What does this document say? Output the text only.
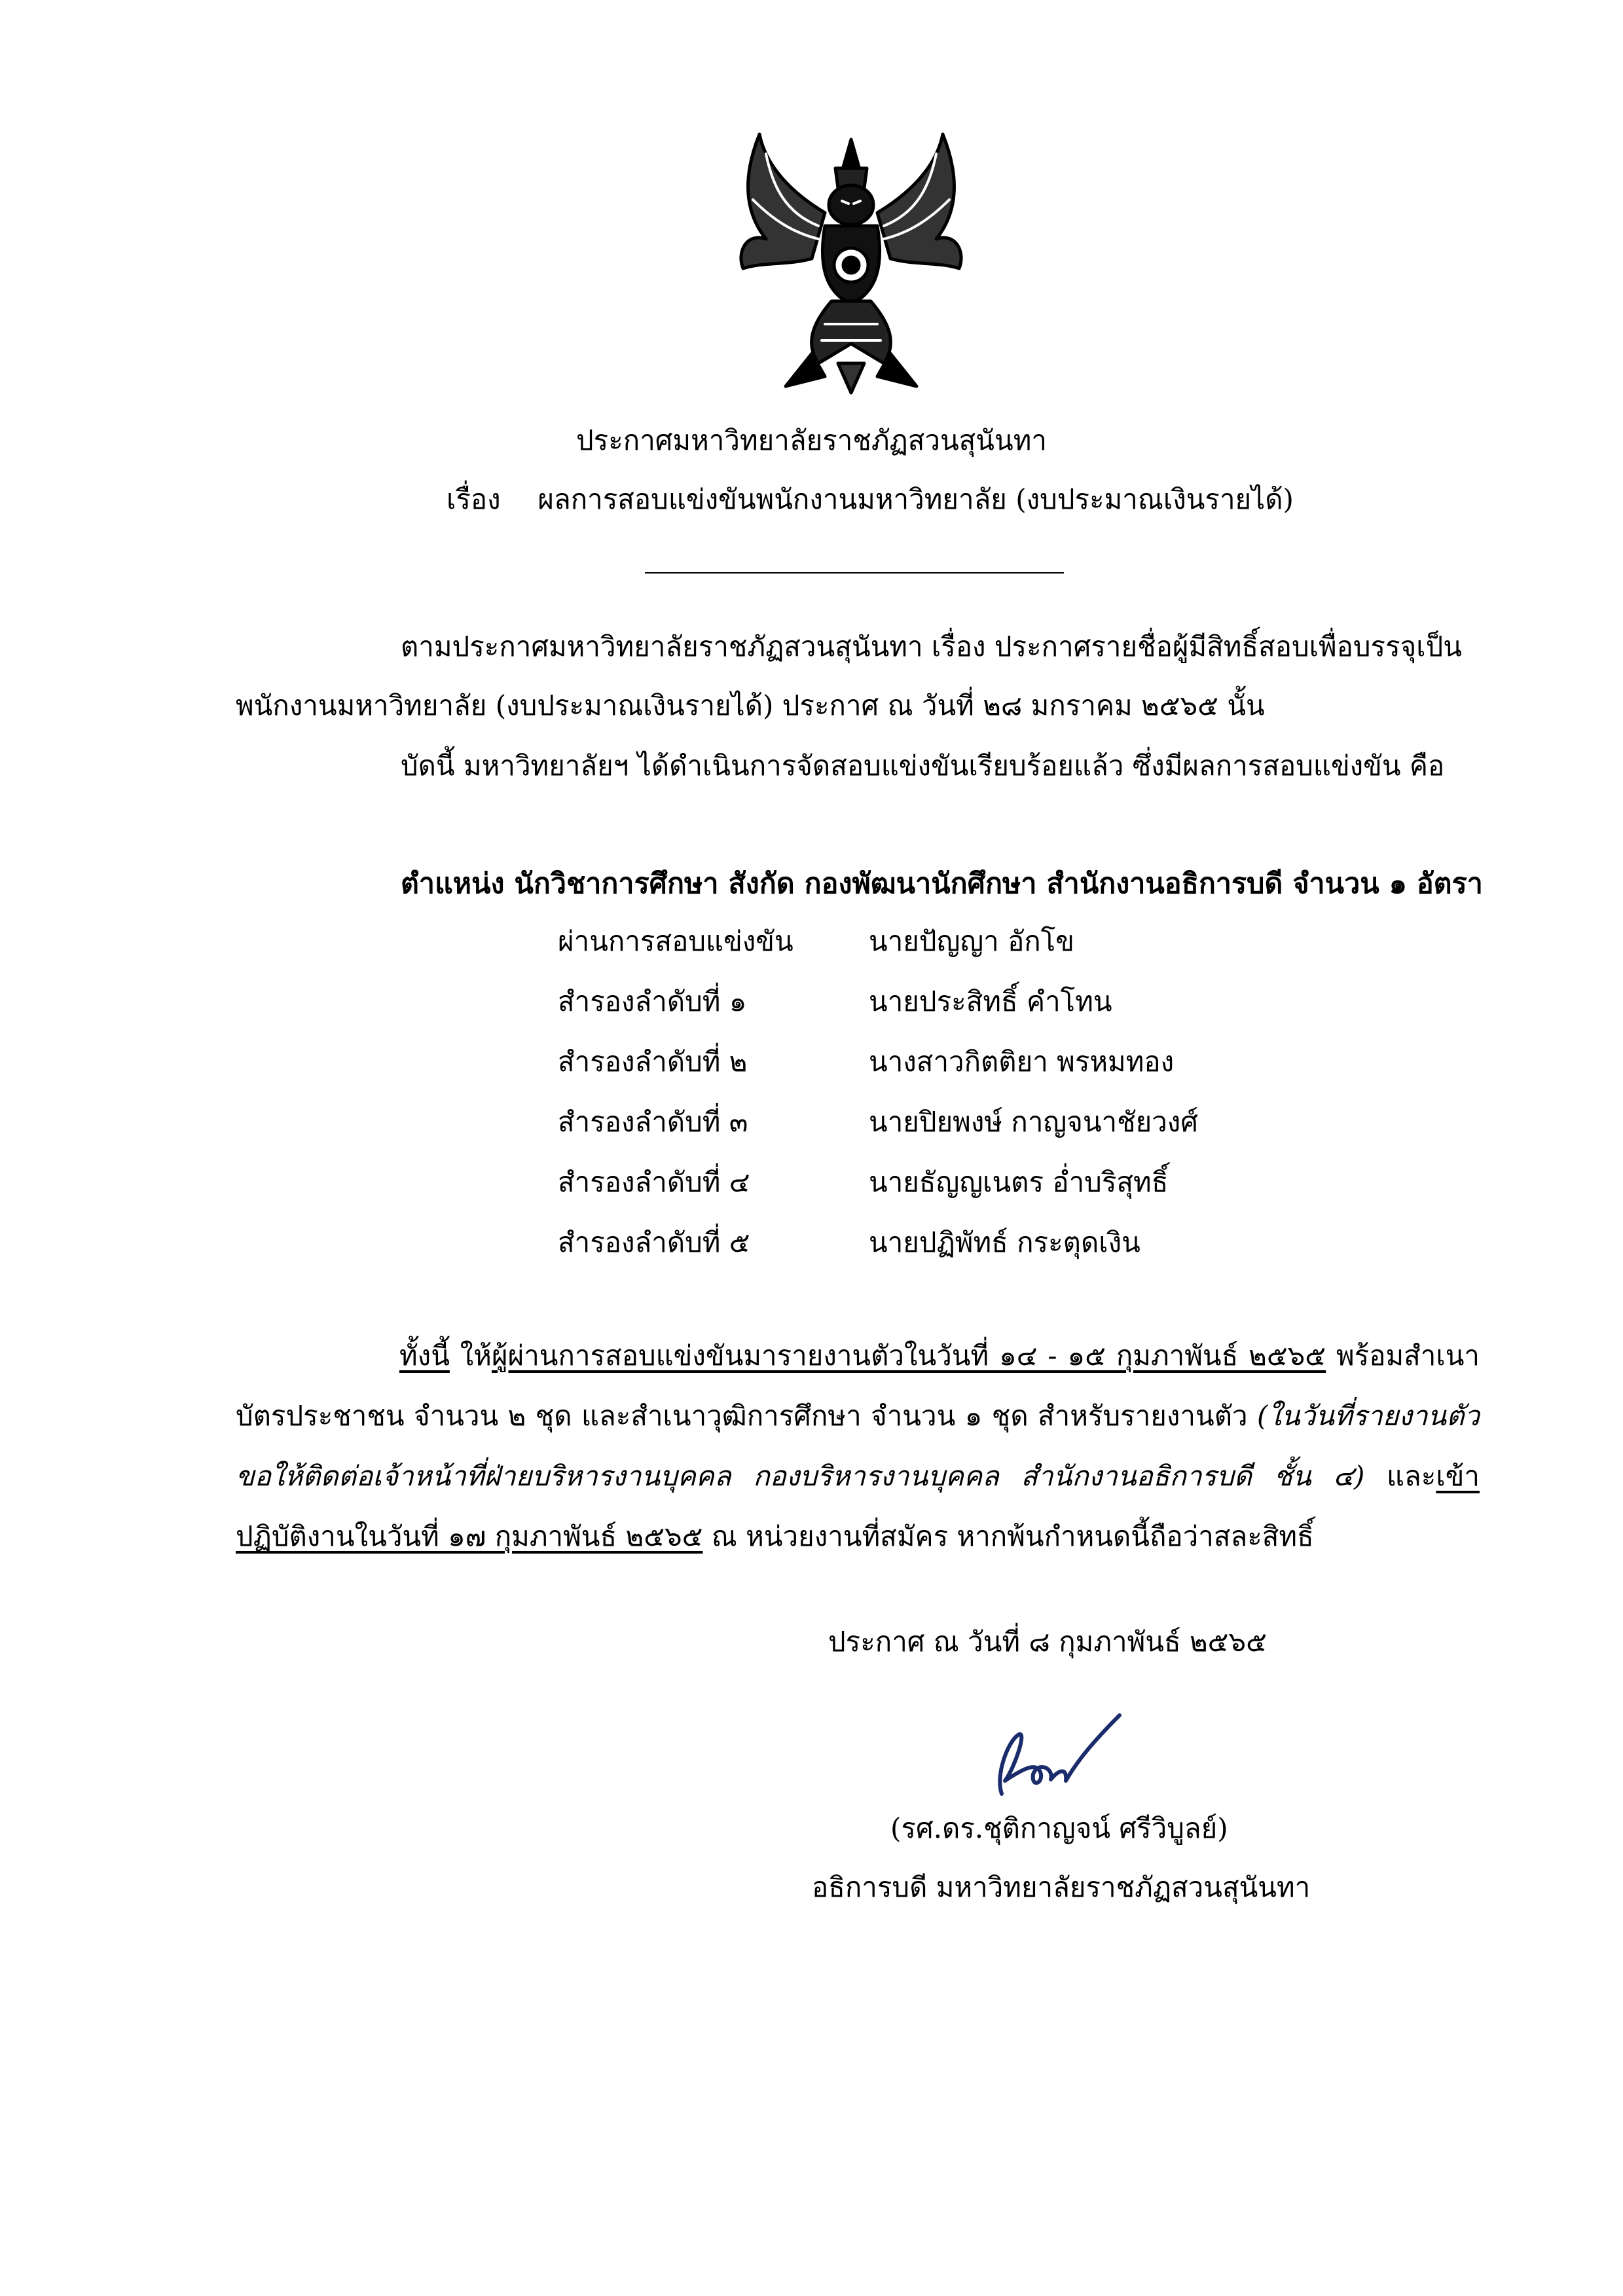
ประกาศมหาวิทยาลัยราชภัฏสวนสุนันทา
เรื่อง ผลการสอบแข่งขันพนักงานมหาวิทยาลัย (งบประมาณเงินรายได้)
ตามประกาศมหาวิทยาลัยราชภัฏสวนสุนันทา เรื่อง ประกาศรายชื่อผู้มีสิทธิ์สอบเพื่อบรรจุเป็น
พนักงานมหาวิทยาลัย (งบประมาณเงินรายได้) ประกาศ ณ วันที่ ๒๘ มกราคม ๒๕๖๕ นั้น
บัดนี้ มหาวิทยาลัยฯ ได้ดำเนินการจัดสอบแข่งขันเรียบร้อยแล้ว ซึ่งมีผลการสอบแข่งขัน คือ
ตำแหน่ง นักวิชาการศึกษา สังกัด กองพัฒนานักศึกษา สำนักงานอธิการบดี จำนวน ๑ อัตรา
ผ่านการสอบแข่งขัน	นายปัญญา อักโข
สำรองลำดับที่ ๑	นายประสิทธิ์ คำโทน
สำรองลำดับที่ ๒	นางสาวกิตติยา พรหมทอง
สำรองลำดับที่ ๓	นายปิยพงษ์ กาญจนาชัยวงศ์
สำรองลำดับที่ ๔	นายธัญญเนตร อ่ำบริสุทธิ์
สำรองลำดับที่ ๕	นายปฏิพัทธ์ กระตุดเงิน
ทั้งนี้ ให้ผู้ผ่านการสอบแข่งขันมารายงานตัวในวันที่ ๑๔ - ๑๕ กุมภาพันธ์ ๒๕๖๕ พร้อมสำเนาบัตรประชาชน จำนวน ๒ ชุด และสำเนาวุฒิการศึกษา จำนวน ๑ ชุด สำหรับรายงานตัว (ในวันที่รายงานตัวขอให้ติดต่อเจ้าหน้าที่ฝ่ายบริหารงานบุคคล กองบริหารงานบุคคล สำนักงานอธิการบดี ชั้น ๔) และเข้าปฏิบัติงานในวันที่ ๑๗ กุมภาพันธ์ ๒๕๖๕ ณ หน่วยงานที่สมัคร หากพ้นกำหนดนี้ถือว่าสละสิทธิ์
ประกาศ ณ วันที่ ๘ กุมภาพันธ์ ๒๕๖๕
(รศ.ดร.ชุติกาญจน์ ศรีวิบูลย์)
อธิการบดี มหาวิทยาลัยราชภัฏสวนสุนันทา
